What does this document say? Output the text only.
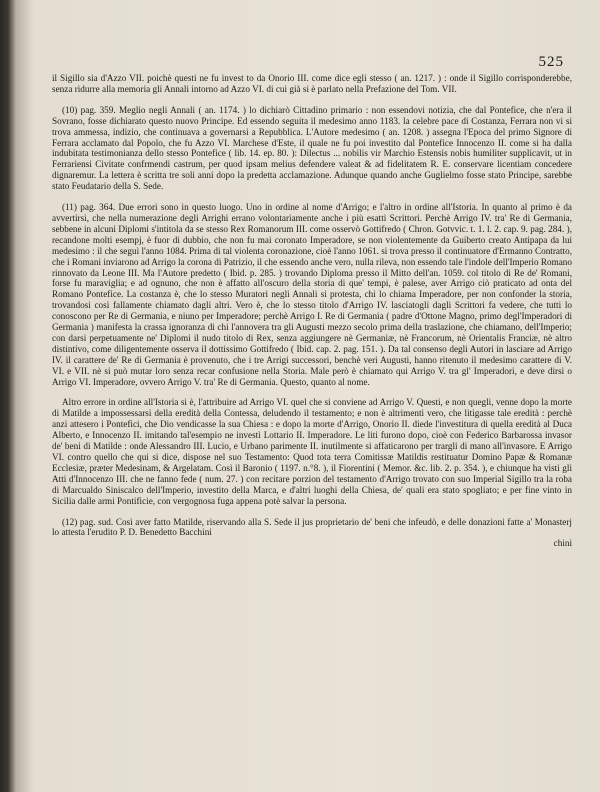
525

il Sigillo sia d'Azzo VII. poichè questi ne fu invest to da Onorio III. come dice egli stesso ( an. 1217. ) : onde il Sigillo corrisponderebbe, senza ridurre alla memoria gli Annali intorno ad Azzo VI. di cui già si è parlato nella Prefazione del Tom. VII.

(10) pag. 359. Meglio negli Annali ( an. 1174. ) lo dichiarò Cittadino primario : non essendovi notizia, che dal Pontefice, che n'era il Sovrano, fosse dichiarato questo nuovo Principe. Ed essendo seguita il medesimo anno 1183. la celebre pace di Costanza, Ferrara non vi si trova ammessa, indizio, che continuava a governarsi a Repubblica. L'Autore medesimo ( an. 1208. ) assegna l'Epoca del primo Signore di Ferrara acclamato dal Popolo, che fu Azzo VI. Marchese d'Este, il quale ne fu poi investito dal Pontefice Innocenzo II. come si ha dalla indubitata testimonianza dello stesso Pontefice ( lib. 14. ep. 80. ): Dilectus ... nobilis vir Marchio Estensis nobis humiliter supplicavit, ut in Ferrariensi Civitate confrmendi castrum, per quod ipsam melius defendere valeat & ad fidelitatem R. E. conservare licentiam concedere dignaremur. La lettera è scritta tre soli anni dopo la predetta acclamazione. Adunque quando anche Guglielmo fosse stato Principe, sarebbe stato Feudatario della S. Sede.

(11) pag. 364. Due errori sono in questo luogo. Uno in ordine al nome d'Arrigo; e l'altro in ordine all'Istoria. In quanto al primo è da avvertirsi, che nella numerazione degli Arrighi errano volontariamente anche i più esatti Scrittori. Perchè Arrigo IV. tra' Re di Germania, sebbene in alcuni Diplomi s'intitola da se stesso Rex Romanorum III. come osservò Gottifredo ( Chron. Gotvvic. t. 1. l. 2. cap. 9. pag. 284. ), recandone molti esempj, è fuor di dubbio, che non fu mai coronato Imperadore, se non violentemente da Guiberto creato Antipapa da lui medesimo : il che seguì l'anno 1084. Prima di tal violenta coronazione, cioè l'anno 1061. si trova presso il continuatore d'Ermanno Contratto, che i Romani inviarono ad Arrigo la corona di Patrizio, il che essendo anche vero, nulla rileva, non essendo tale l'indole dell'Imperio Romano rinnovato da Leone III. Ma l'Autore predetto ( Ibid. p. 285. ) trovando Diploma presso il Mitto dell'an. 1059. col titolo di Re de' Romani, forse fu maraviglia; e ad ognuno, che non è affatto all'oscuro della storia di que' tempi, è palese, aver Arrigo ciò praticato ad onta del Romano Pontefice. La costanza è, che lo stesso Muratori negli Annali si protesta, chi lo chiama Imperadore, per non confonder la storia, trovandosi così fallamente chiamato dagli altri. Vero è, che lo stesso titolo d'Arrigo IV. lasciatogli dagli Scrittori fa vedere, che tutti lo conoscono per Re di Germania, e niuno per Imperadore; perchè Arrigo I. Re di Germania ( padre d'Ottone Magno, primo degl'Imperadori di Germania ) manifesta la crassa ignoranza di chi l'annovera tra gli Augusti mezzo secolo prima della traslazione, che chiamano, dell'Imperio; con darsi perpetuamente ne' Diplomi il nudo titolo di Rex, senza aggiungere nè Germaniæ, nè Francorum, nè Orientalis Franciæ, nè altro distintivo, come diligentemente osserva il dottissimo Gottifredo ( Ibid. cap. 2. pag. 151. ). Da tal consenso degli Autori in lasciare ad Arrigo IV. il carattere de' Re di Germania è provenuto, che i tre Arrigi successori, benchè veri Augusti, hanno ritenuto il medesimo carattere di V. VI. e VII. nè si può mutar loro senza recar confusione nella Storia. Male però è chiamato qui Arrigo V. tra gl' Imperadori, e deve dirsi o Arrigo VI. Imperadore, ovvero Arrigo V. tra' Re di Germania. Questo, quanto al nome.

Altro errore in ordine all'Istoria si è, l'attribuire ad Arrigo VI. quel che si conviene ad Arrigo V. Questi, e non quegli, venne dopo la morte di Matilde a impossessarsi della eredità della Contessa, deludendo il testamento; e non è altrimenti vero, che litigasse tale eredità : perchè anzi attesero i Pontefici, che Dio vendicasse la sua Chiesa : e dopo la morte d'Arrigo, Onorio II. diede l'investitura di quella eredità al Duca Alberto, e Innocenzo II. imitando tal'esempio ne investì Lottario II. Imperadore. Le liti furono dopo, cioè con Federico Barbarossa invasor de' beni di Matilde : onde Alessandro III. Lucio, e Urbano parimente II. inutilmente si affaticarono per trargli di mano all'invasore. E Arrigo VI. contro quello che qui si dice, dispose nel suo Testamento: Quod tota terra Comitissæ Matildis restituatur Domino Papæ & Romanæ Ecclesiæ, præter Medesinam, & Argelatam. Così il Baronio ( 1197. n.°8. ), il Fiorentini ( Memor. &c. lib. 2. p. 354. ), e chiunque ha visti gli Atti d'Innocenzo III. che ne fanno fede ( num. 27. ) con recitare porzion del testamento d'Arrigo trovato con suo Imperial Sigillo tra la roba di Marcualdo Siniscalco dell'Imperio, investito della Marca, e d'altri luoghi della Chiesa, de' quali era stato spogliato; e per fine vinto in Sicilia dalle armi Pontificie, con vergognosa fuga appena potè salvar la persona.

(12) pag. sud. Così aver fatto Matilde, riservando alla S. Sede il jus proprietario de' beni che infeudò, e delle donazioni fatte a' Monasterj lo attesta l'erudito P. D. Benedetto Bacchini

chini
